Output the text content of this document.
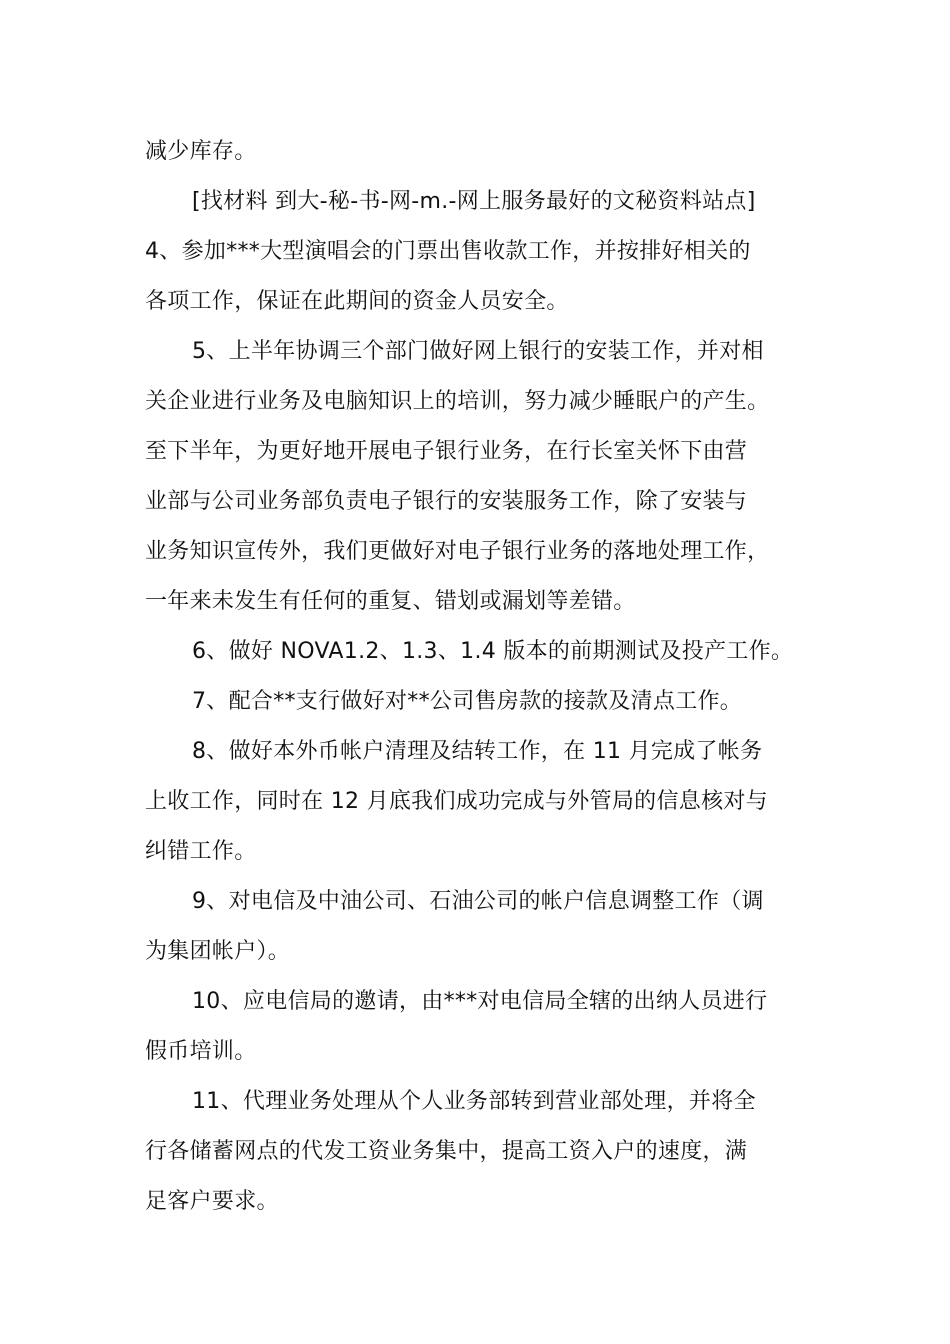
减少库存。

[找材料 到大-秘-书-网-m.-网上服务最好的文秘资料站点]

4、参加***大型演唱会的门票出售收款工作，并按排好相关的
各项工作，保证在此期间的资金人员安全。

5、上半年协调三个部门做好网上银行的安装工作，并对相
关企业进行业务及电脑知识上的培训，努力减少睡眠户的产生。
至下半年，为更好地开展电子银行业务，在行长室关怀下由营
业部与公司业务部负责电子银行的安装服务工作，除了安装与
业务知识宣传外，我们更做好对电子银行业务的落地处理工作，
一年来未发生有任何的重复、错划或漏划等差错。

6、做好 NOVA1.2、1.3、1.4 版本的前期测试及投产工作。

7、配合**支行做好对**公司售房款的接款及清点工作。

8、做好本外币帐户清理及结转工作，在 11 月完成了帐务
上收工作，同时在 12 月底我们成功完成与外管局的信息核对与
纠错工作。

9、对电信及中油公司、石油公司的帐户信息调整工作（调
为集团帐户）。

10、应电信局的邀请，由***对电信局全辖的出纳人员进行
假币培训。

11、代理业务处理从个人业务部转到营业部处理，并将全
行各储蓄网点的代发工资业务集中，提高工资入户的速度，满
足客户要求。
